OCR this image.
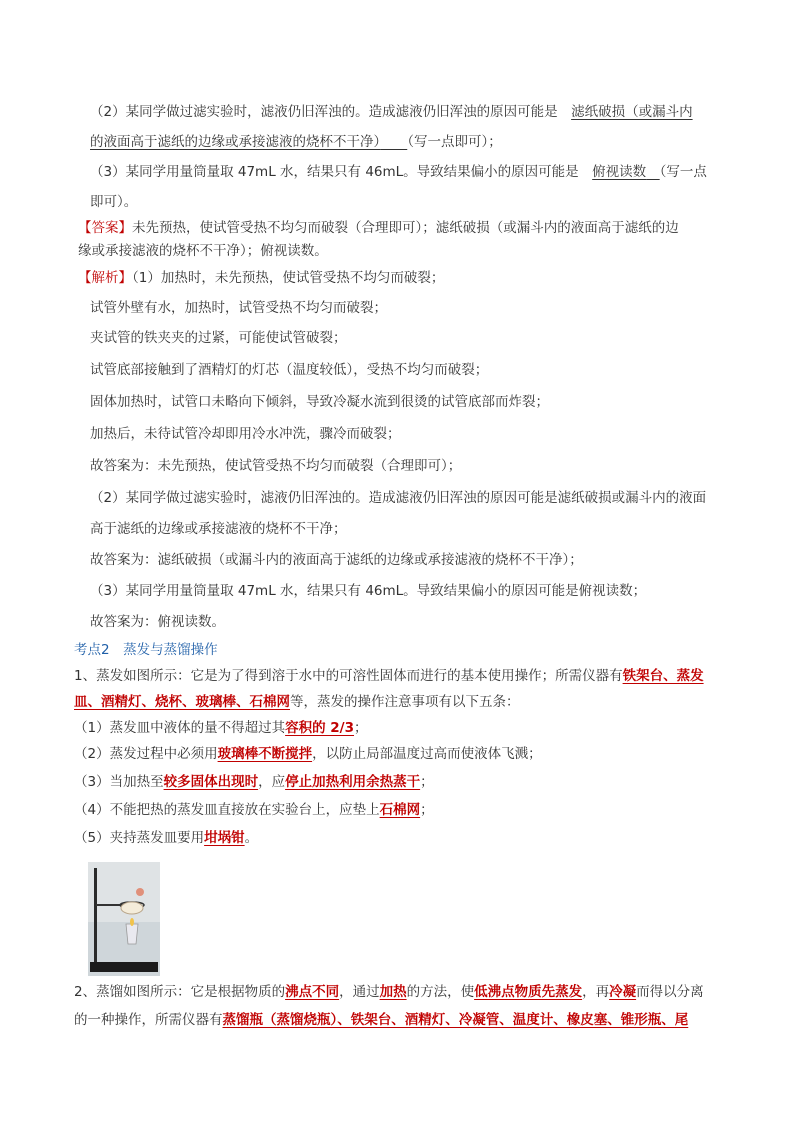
（2）某同学做过滤实验时，滤液仍旧浑浊的。造成滤液仍旧浑浊的原因可能是　 滤纸破损（或漏斗内
的液面高于滤纸的边缘或承接滤液的烧杯不干净）　　 （写一点即可）；
（3）某同学用量筒量取 47mL 水，结果只有 46mL。导致结果偏小的原因可能是　 俯视读数　 （写一点
即可）。
【答案】未先预热，使试管受热不均匀而破裂（合理即可）；滤纸破损（或漏斗内的液面高于滤纸的边
缘或承接滤液的烧杯不干净）；俯视读数。
【解析】（1）加热时，未先预热，使试管受热不均匀而破裂；
试管外壁有水，加热时，试管受热不均匀而破裂；
夹试管的铁夹夹的过紧，可能使试管破裂；
试管底部接触到了酒精灯的灯芯（温度较低），受热不均匀而破裂；
固体加热时，试管口未略向下倾斜，导致冷凝水流到很烫的试管底部而炸裂；
加热后，未待试管冷却即用冷水冲洗，骤冷而破裂；
故答案为：未先预热，使试管受热不均匀而破裂（合理即可）；
（2）某同学做过滤实验时，滤液仍旧浑浊的。造成滤液仍旧浑浊的原因可能是滤纸破损或漏斗内的液面
高于滤纸的边缘或承接滤液的烧杯不干净；
故答案为：滤纸破损（或漏斗内的液面高于滤纸的边缘或承接滤液的烧杯不干净）；
（3）某同学用量筒量取 47mL 水，结果只有 46mL。导致结果偏小的原因可能是俯视读数；
故答案为：俯视读数。
考点2　蒸发与蒸馏操作
1、蒸发如图所示：它是为了得到溶于水中的可溶性固体而进行的基本使用操作；所需仪器有铁架台、蒸发
皿、酒精灯、烧杯、玻璃棒、石棉网等，蒸发的操作注意事项有以下五条：
（1）蒸发皿中液体的量不得超过其容积的 2/3；
（2）蒸发过程中必须用玻璃棒不断搅拌，以防止局部温度过高而使液体飞溅；
（3）当加热至较多固体出现时，应停止加热利用余热蒸干；
（4）不能把热的蒸发皿直接放在实验台上，应垫上石棉网；
（5）夹持蒸发皿要用坩埚钳。
2、蒸馏如图所示：它是根据物质的沸点不同，通过加热的方法，使低沸点物质先蒸发，再冷凝而得以分离
的一种操作，所需仪器有蒸馏瓶（蒸馏烧瓶）、铁架台、酒精灯、冷凝管、温度计、橡皮塞、锥形瓶、尾
